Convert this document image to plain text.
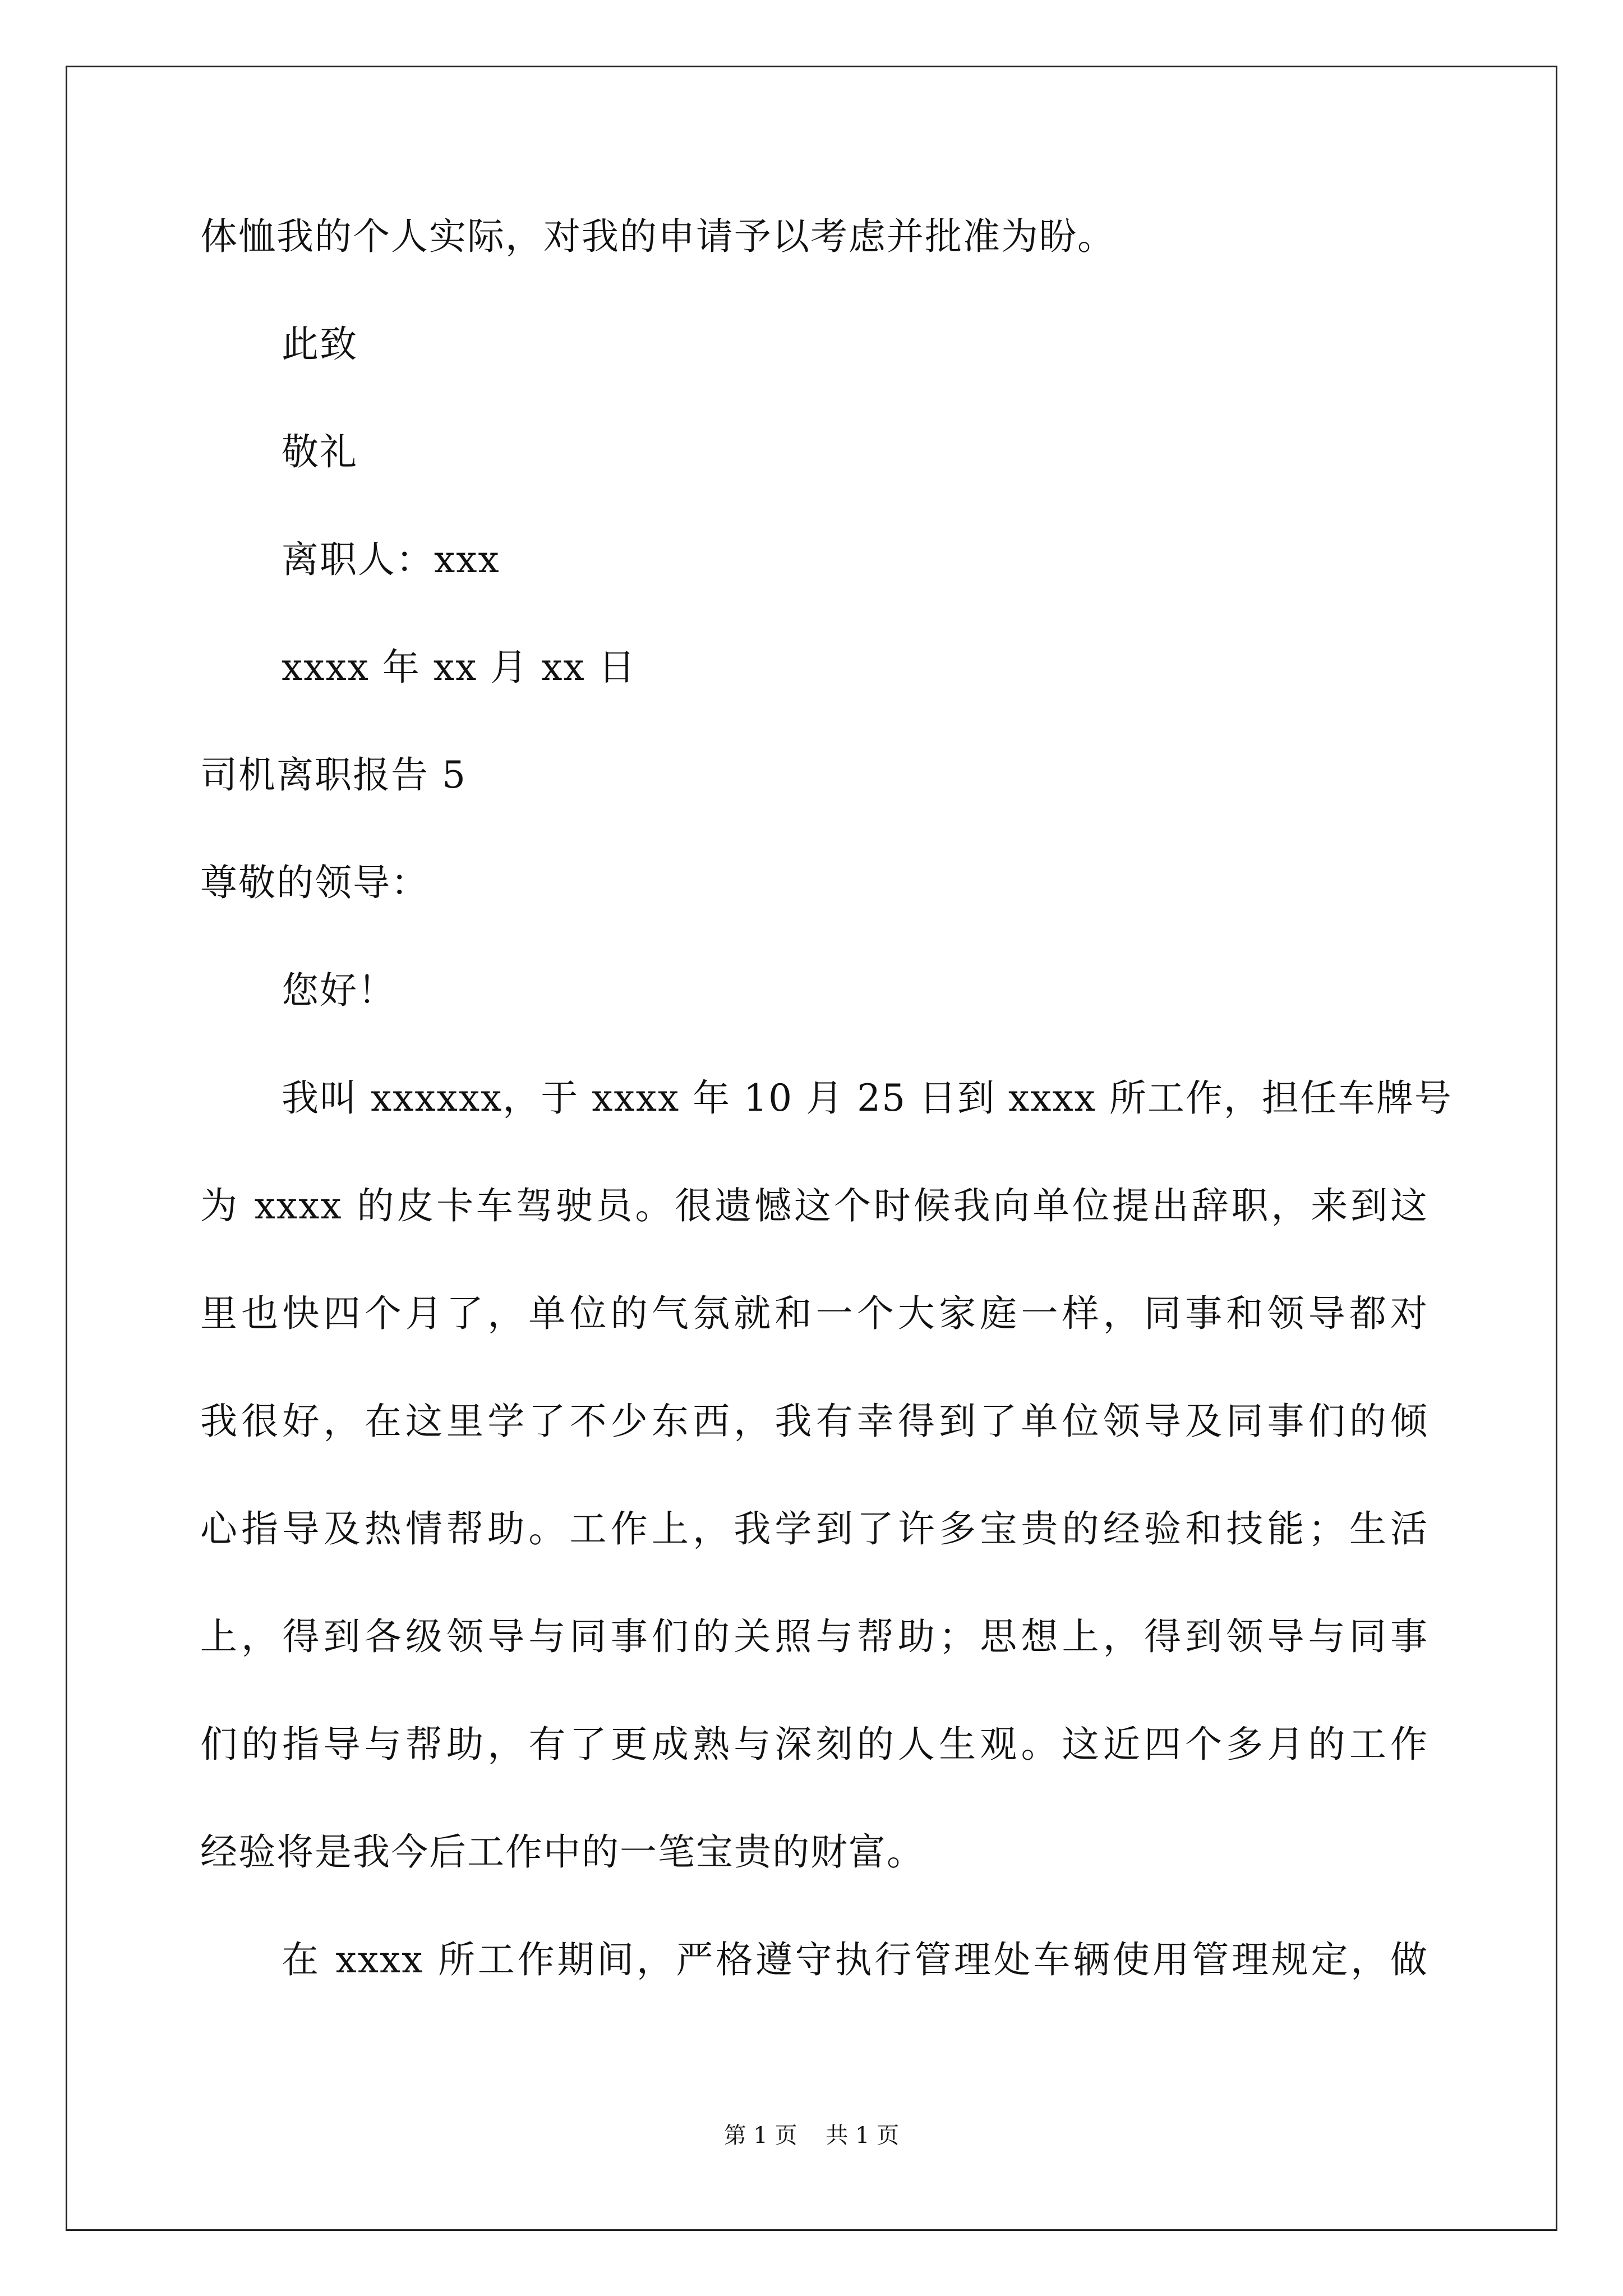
体恤我的个人实际，对我的申请予以考虑并批准为盼。
此致
敬礼
离职人：xxx
xxxx 年 xx 月 xx 日
司机离职报告 5
尊敬的领导：
您好！
我叫 xxxxxx，于 xxxx 年 10 月 25 日到 xxxx 所工作，担任车牌号
为 xxxx 的皮卡车驾驶员。很遗憾这个时候我向单位提出辞职，来到这
里也快四个月了，单位的气氛就和一个大家庭一样，同事和领导都对
我很好，在这里学了不少东西，我有幸得到了单位领导及同事们的倾
心指导及热情帮助。工作上，我学到了许多宝贵的经验和技能；生活
上，得到各级领导与同事们的关照与帮助；思想上，得到领导与同事
们的指导与帮助，有了更成熟与深刻的人生观。这近四个多月的工作
经验将是我今后工作中的一笔宝贵的财富。
在 xxxx 所工作期间，严格遵守执行管理处车辆使用管理规定，做
第 1 页    共 1 页
